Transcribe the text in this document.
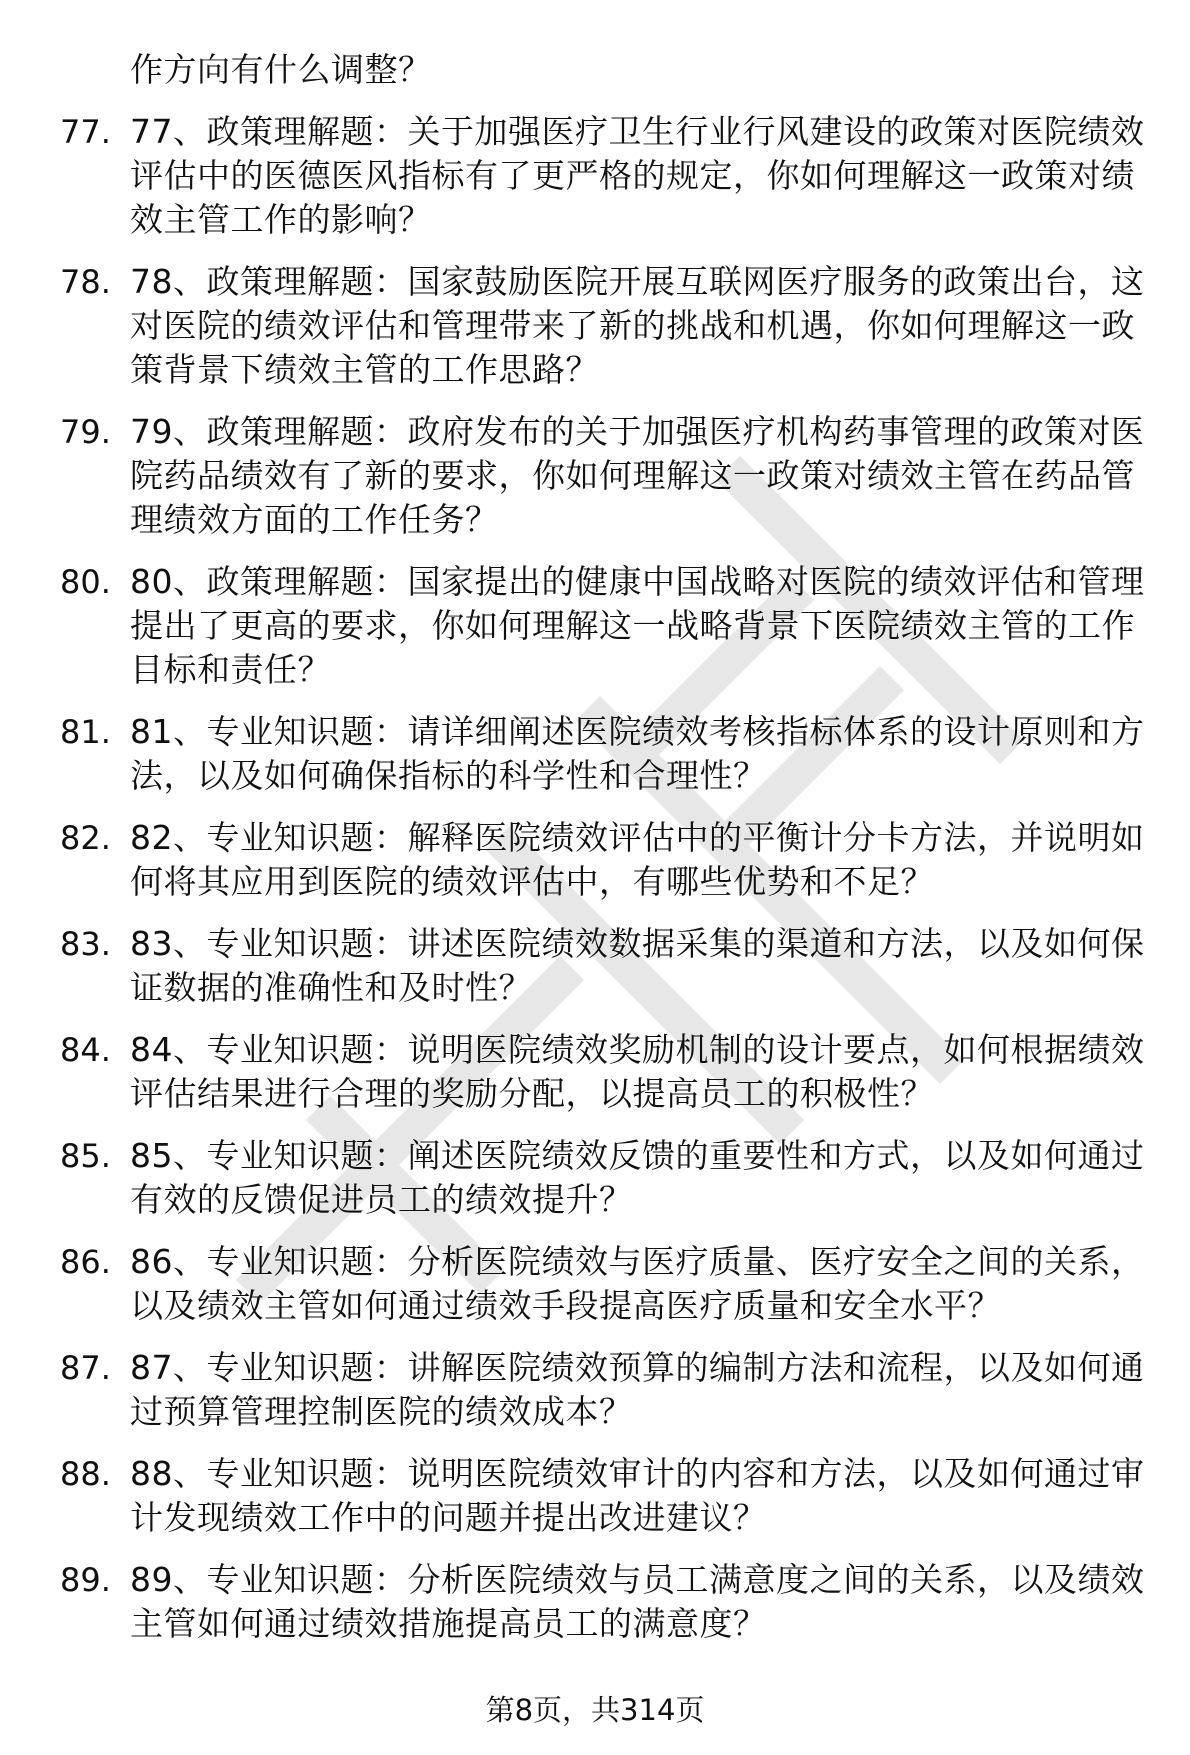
作方向有什么调整？
77. 77、政策理解题：关于加强医疗卫生行业行风建设的政策对医院绩效评估中的医德医风指标有了更严格的规定，你如何理解这一政策对绩效主管工作的影响？
78. 78、政策理解题：国家鼓励医院开展互联网医疗服务的政策出台，这对医院的绩效评估和管理带来了新的挑战和机遇，你如何理解这一政策背景下绩效主管的工作思路？
79. 79、政策理解题：政府发布的关于加强医疗机构药事管理的政策对医院药品绩效有了新的要求，你如何理解这一政策对绩效主管在药品管理绩效方面的工作任务？
80. 80、政策理解题：国家提出的健康中国战略对医院的绩效评估和管理提出了更高的要求，你如何理解这一战略背景下医院绩效主管的工作目标和责任？
81. 81、专业知识题：请详细阐述医院绩效考核指标体系的设计原则和方法，以及如何确保指标的科学性和合理性？
82. 82、专业知识题：解释医院绩效评估中的平衡计分卡方法，并说明如何将其应用到医院的绩效评估中，有哪些优势和不足？
83. 83、专业知识题：讲述医院绩效数据采集的渠道和方法，以及如何保证数据的准确性和及时性？
84. 84、专业知识题：说明医院绩效奖励机制的设计要点，如何根据绩效评估结果进行合理的奖励分配，以提高员工的积极性？
85. 85、专业知识题：阐述医院绩效反馈的重要性和方式，以及如何通过有效的反馈促进员工的绩效提升？
86. 86、专业知识题：分析医院绩效与医疗质量、医疗安全之间的关系，以及绩效主管如何通过绩效手段提高医疗质量和安全水平？
87. 87、专业知识题：讲解医院绩效预算的编制方法和流程，以及如何通过预算管理控制医院的绩效成本？
88. 88、专业知识题：说明医院绩效审计的内容和方法，以及如何通过审计发现绩效工作中的问题并提出改进建议？
89. 89、专业知识题：分析医院绩效与员工满意度之间的关系，以及绩效主管如何通过绩效措施提高员工的满意度？
第8页，共314页
